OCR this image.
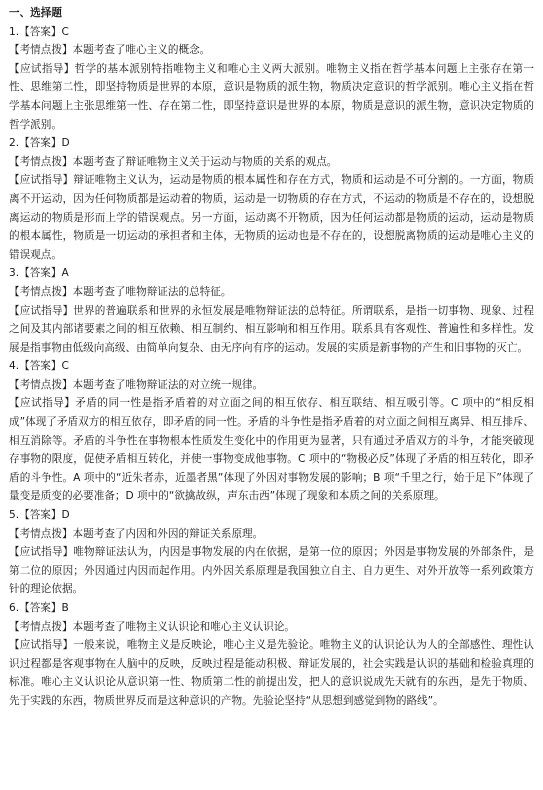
一、选择题
1.【答案】C
【考情点拨】本题考查了唯心主义的概念。
【应试指导】哲学的基本派别特指唯物主义和唯心主义两大派别。唯物主义指在哲学基本问题上主张存在第一性、思维第二性，即坚持物质是世界的本原，意识是物质的派生物，物质决定意识的哲学派别。唯心主义指在哲学基本问题上主张思维第一性、存在第二性，即坚持意识是世界的本原，物质是意识的派生物，意识决定物质的哲学派别。
2.【答案】D
【考情点拨】本题考查了辩证唯物主义关于运动与物质的关系的观点。
【应试指导】辩证唯物主义认为，运动是物质的根本属性和存在方式，物质和运动是不可分割的。一方面，物质离不开运动，因为任何物质都是运动着的物质，运动是一切物质的存在方式，不运动的物质是不存在的，设想脱离运动的物质是形而上学的错误观点。另一方面，运动离不开物质，因为任何运动都是物质的运动，运动是物质的根本属性，物质是一切运动的承担者和主体，无物质的运动也是不存在的，设想脱离物质的运动是唯心主义的错误观点。
3.【答案】A
【考情点拨】本题考查了唯物辩证法的总特征。
【应试指导】世界的普遍联系和世界的永恒发展是唯物辩证法的总特征。所谓联系，是指一切事物、现象、过程之间及其内部诸要素之间的相互依赖、相互制约、相互影响和相互作用。联系具有客观性、普遍性和多样性。发展是指事物由低级向高级、由简单向复杂、由无序向有序的运动。发展的实质是新事物的产生和旧事物的灭亡。
4.【答案】C
【考情点拨】本题考查了唯物辩证法的对立统一规律。
【应试指导】矛盾的同一性是指矛盾着的对立面之间的相互依存、相互联结、相互吸引等。C 项中的“相反相成”体现了矛盾双方的相互依存，即矛盾的同一性。矛盾的斗争性是指矛盾着的对立面之间相互离异、相互排斥、相互消除等。矛盾的斗争性在事物根本性质发生变化中的作用更为显著，只有通过矛盾双方的斗争，才能突破现存事物的限度，促使矛盾相互转化，并使一事物变成他事物。C 项中的“物极必反”体现了矛盾的相互转化，即矛盾的斗争性。A 项中的“近朱者赤，近墨者黑”体现了外因对事物发展的影响；B 项“千里之行，始于足下”体现了量变是质变的必要准备；D 项中的“欲擒故纵，声东击西”体现了现象和本质之间的关系原理。
5.【答案】D
【考情点拨】本题考查了内因和外因的辩证关系原理。
【应试指导】唯物辩证法认为，内因是事物发展的内在依据，是第一位的原因；外因是事物发展的外部条件，是第二位的原因；外因通过内因而起作用。内外因关系原理是我国独立自主、自力更生、对外开放等一系列政策方针的理论依据。
6.【答案】B
【考情点拨】本题考查了唯物主义认识论和唯心主义认识论。
【应试指导】一般来说，唯物主义是反映论，唯心主义是先验论。唯物主义的认识论认为人的全部感性、理性认识过程都是客观事物在人脑中的反映，反映过程是能动积极、辩证发展的，社会实践是认识的基础和检验真理的标准。唯心主义认识论从意识第一性、物质第二性的前提出发，把人的意识说成先天就有的东西，是先于物质、先于实践的东西，物质世界反而是这种意识的产物。先验论坚持“从思想到感觉到物的路线”。
